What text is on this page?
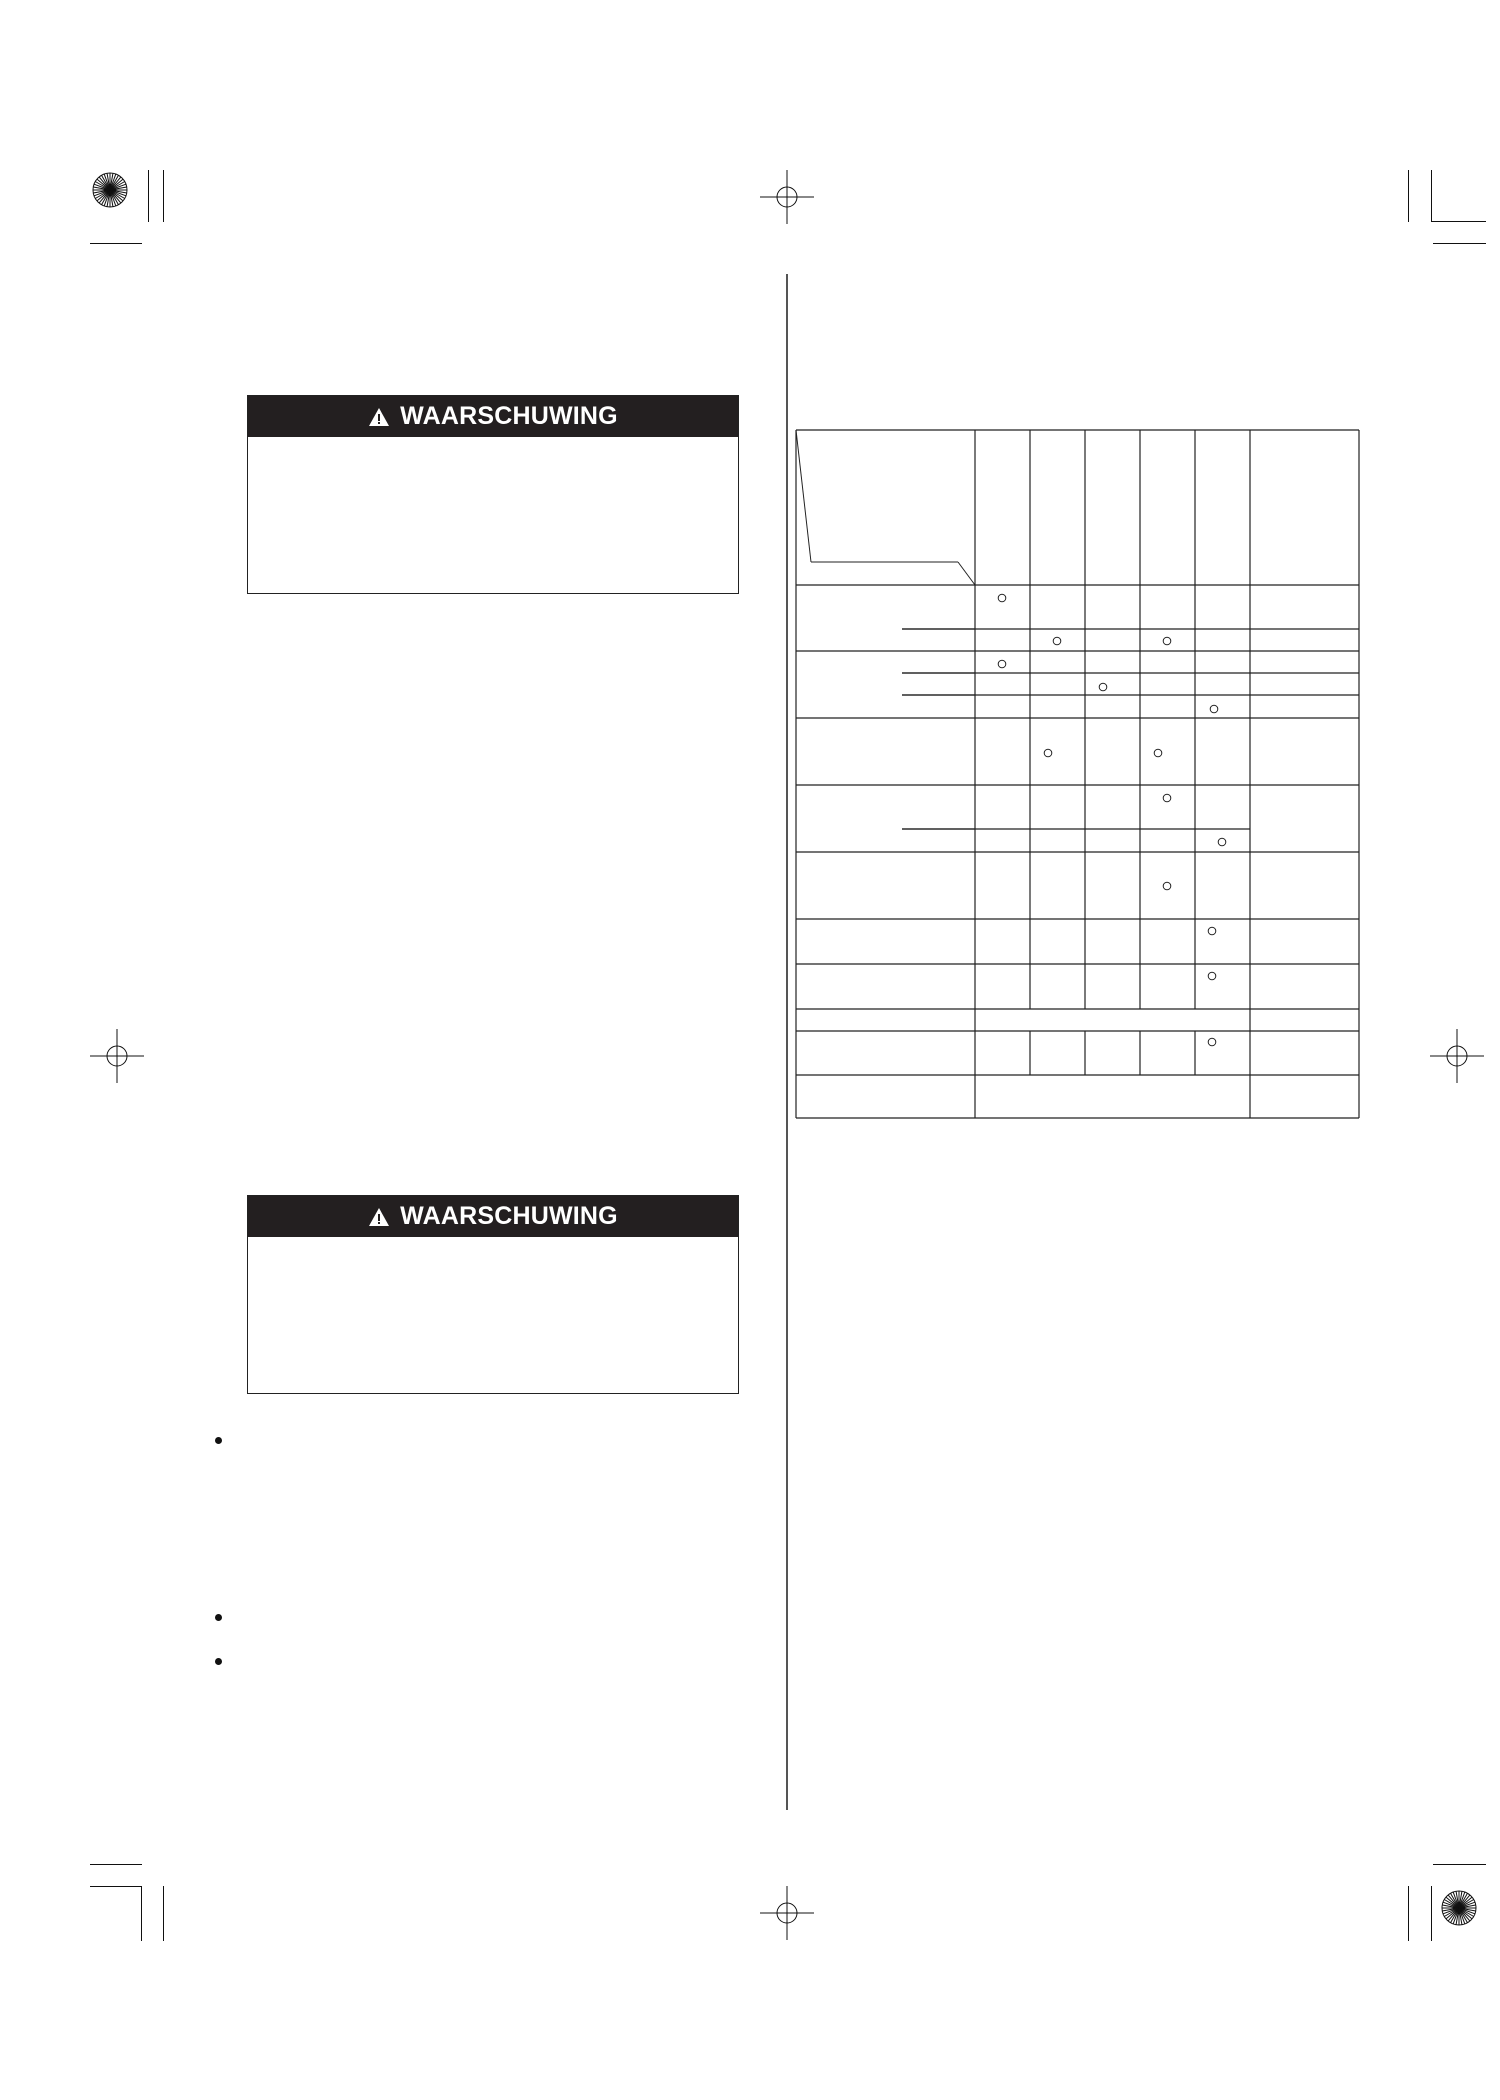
WAARSCHUWING
WAARSCHUWING
